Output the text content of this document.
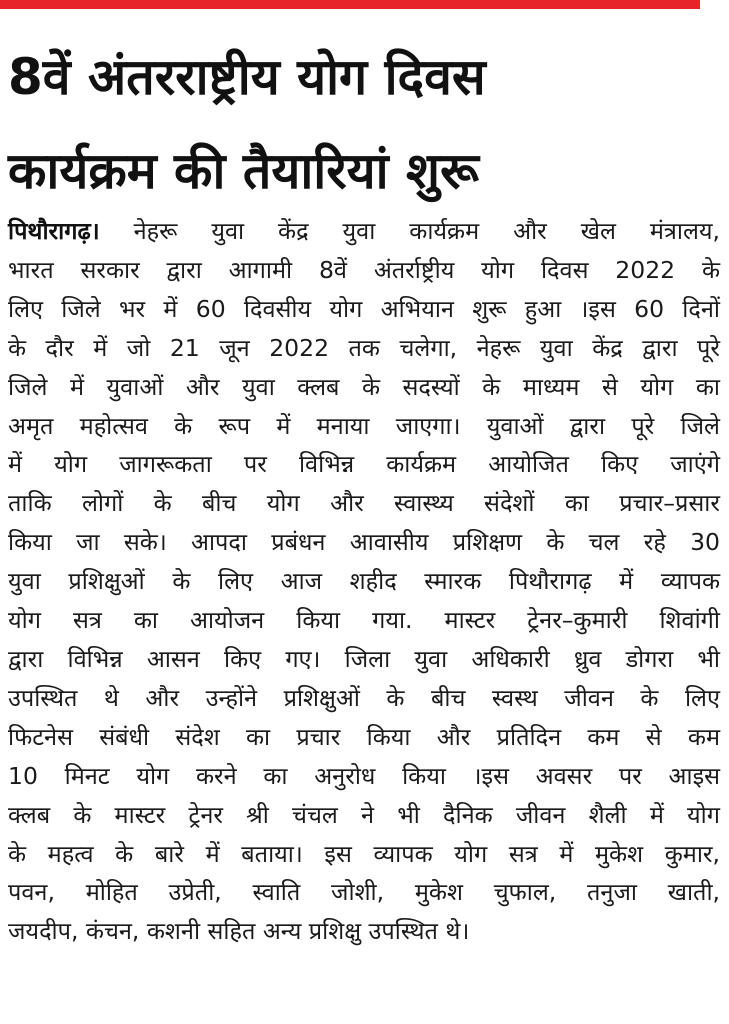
8वें अंतरराष्ट्रीय योग दिवस
कार्यक्रम की तैयारियां शुरू
पिथौरागढ़। नेहरू युवा केंद्र युवा कार्यक्रम और खेल मंत्रालय,
भारत सरकार द्वारा आगामी 8वें अंतर्राष्ट्रीय योग दिवस 2022 के
लिए जिले भर में 60 दिवसीय योग अभियान शुरू हुआ ।इस 60 दिनों
के दौर में जो 21 जून 2022 तक चलेगा, नेहरू युवा केंद्र द्वारा पूरे
जिले में युवाओं और युवा क्लब के सदस्यों के माध्यम से योग का
अमृत महोत्सव के रूप में मनाया जाएगा। युवाओं द्वारा पूरे जिले
में योग जागरूकता पर विभिन्न कार्यक्रम आयोजित किए जाएंगे
ताकि लोगों के बीच योग और स्वास्थ्य संदेशों का प्रचार–प्रसार
किया जा सके। आपदा प्रबंधन आवासीय प्रशिक्षण के चल रहे 30
युवा प्रशिक्षुओं के लिए आज शहीद स्मारक पिथौरागढ़ में व्यापक
योग सत्र का आयोजन किया गया. मास्टर ट्रेनर–कुमारी शिवांगी
द्वारा विभिन्न आसन किए गए। जिला युवा अधिकारी ध्रुव डोगरा भी
उपस्थित थे और उन्होंने प्रशिक्षुओं के बीच स्वस्थ जीवन के लिए
फिटनेस संबंधी संदेश का प्रचार किया और प्रतिदिन कम से कम
10 मिनट योग करने का अनुरोध किया ।इस अवसर पर आइस
क्लब के मास्टर ट्रेनर श्री चंचल ने भी दैनिक जीवन शैली में योग
के महत्व के बारे में बताया। इस व्यापक योग सत्र में मुकेश कुमार,
पवन, मोहित उप्रेती, स्वाति जोशी, मुकेश चुफाल, तनुजा खाती,
जयदीप, कंचन, कशनी सहित अन्य प्रशिक्षु उपस्थित थे।
